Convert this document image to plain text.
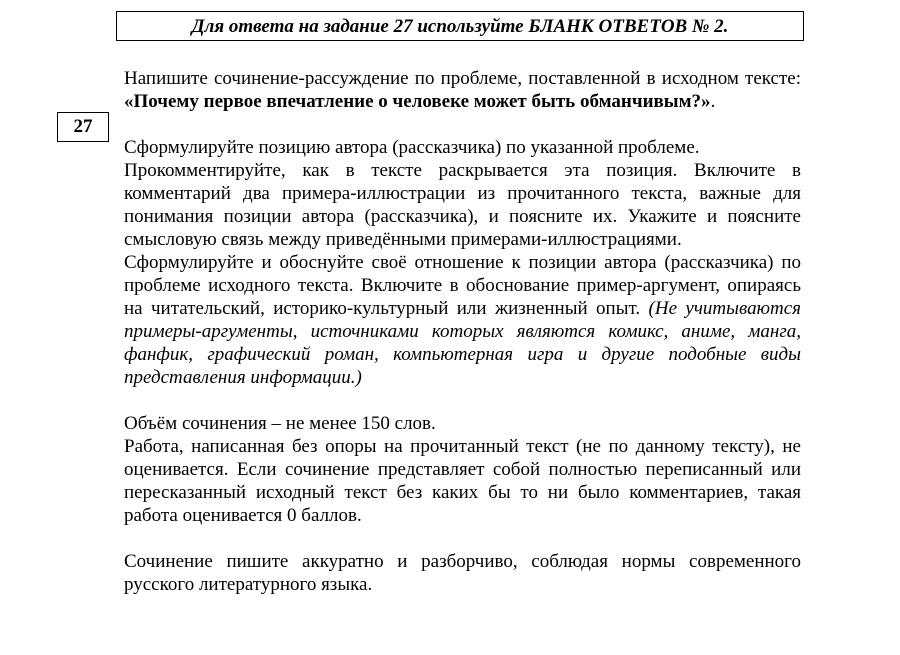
Для ответа на задание 27 используйте БЛАНК ОТВЕТОВ № 2.
27

Напишите сочинение-рассуждение по проблеме, поставленной в исходном тексте: «Почему первое впечатление о человеке может быть обманчивым?».

Сформулируйте позицию автора (рассказчика) по указанной проблеме.

Прокомментируйте, как в тексте раскрывается эта позиция. Включите в комментарий два примера-иллюстрации из прочитанного текста, важные для понимания позиции автора (рассказчика), и поясните их. Укажите и поясните смысловую связь между приведёнными примерами-иллюстрациями.

Сформулируйте и обоснуйте своё отношение к позиции автора (рассказчика) по проблеме исходного текста. Включите в обоснование пример-аргумент, опираясь на читательский, историко-культурный или жизненный опыт. (Не учитываются примеры-аргументы, источниками которых являются комикс, аниме, манга, фанфик, графический роман, компьютерная игра и другие подобные виды представления информации.)

Объём сочинения – не менее 150 слов.

Работа, написанная без опоры на прочитанный текст (не по данному тексту), не оценивается. Если сочинение представляет собой полностью переписанный или пересказанный исходный текст без каких бы то ни было комментариев, такая работа оценивается 0 баллов.

Сочинение пишите аккуратно и разборчиво, соблюдая нормы современного русского литературного языка.
